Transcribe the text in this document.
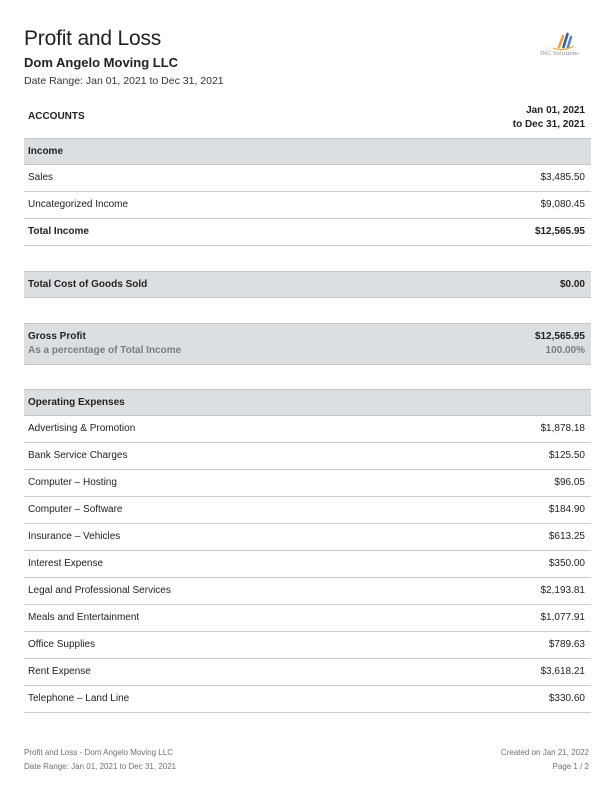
Profit and Loss
Dom Angelo Moving LLC
Date Range: Jan 01, 2021 to Dec 31, 2021
INC Solutions
ACCOUNTS
Jan 01, 2021
to Dec 31, 2021
Income
Sales	$3,485.50
Uncategorized Income	$9,080.45
Total Income	$12,565.95
Total Cost of Goods Sold	$0.00
Gross Profit	$12,565.95
As a percentage of Total Income	100.00%
Operating Expenses
Advertising & Promotion	$1,878.18
Bank Service Charges	$125.50
Computer – Hosting	$96.05
Computer – Software	$184.90
Insurance – Vehicles	$613.25
Interest Expense	$350.00
Legal and Professional Services	$2,193.81
Meals and Entertainment	$1,077.91
Office Supplies	$789.63
Rent Expense	$3,618.21
Telephone – Land Line	$330.60
Profit and Loss - Dom Angelo Moving LLC
Date Range: Jan 01, 2021 to Dec 31, 2021
Created on Jan 21, 2022
Page 1 / 2
